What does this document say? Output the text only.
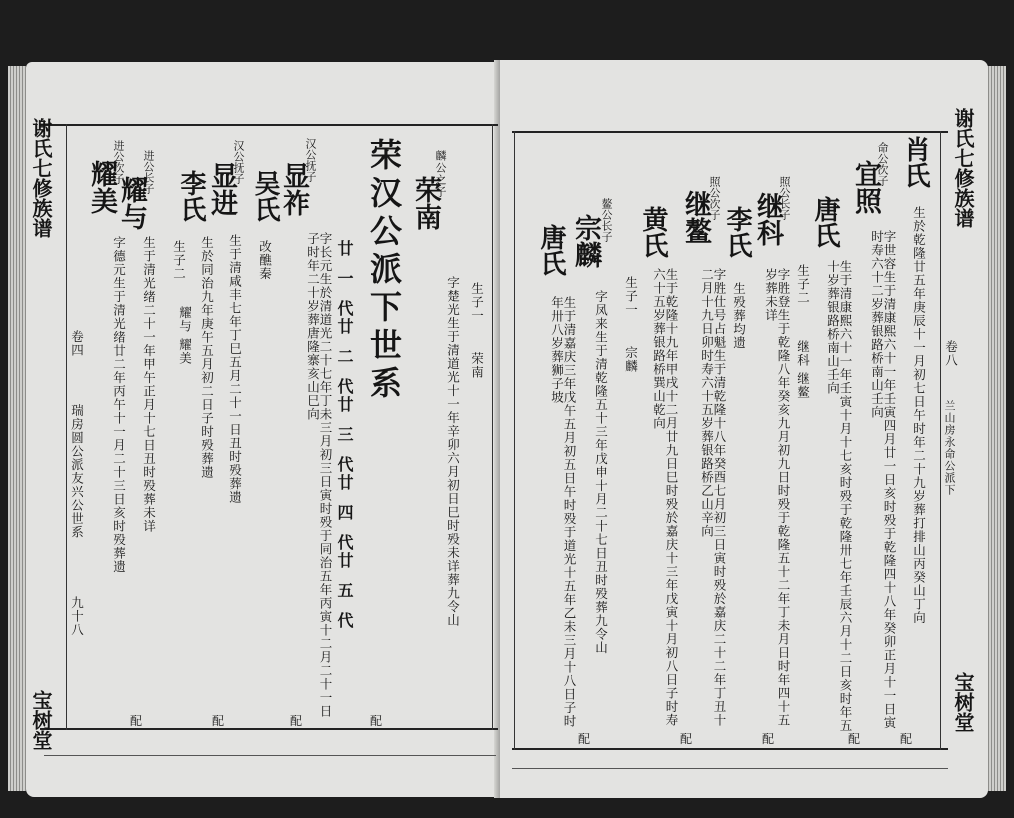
谢氏七修族谱
卷四
瑞房圆公派友兴公世系
九十八
宝树堂
生子一
荣南
字楚光生于清道光十一年辛卯六月初日巳时殁未详葬九令山
麟公之子
荣南
荣汉公派下世系
廿一代
廿二代
廿三代
廿四代
廿五代
汉公抚子
显祚
字长元生於清道光二十七年丁未三月初三日寅时殁于同治五年丙寅十二月二十一日子时年二十岁葬唐隆寨亥山巳向
吴氏
改醮秦
汉公抚子
显进
生于清咸丰七年丁巳五月二十一日丑时殁葬遗
李氏
生於同治九年庚午五月初二日子时殁葬遗
生子二
耀与 耀美
进公长子
耀与
生于清光绪二十一年甲午正月十七日丑时殁葬未详
进公次子
耀美
字德元生于清光绪廿二年丙午十一月二十三日亥时殁葬遗
配	配	配	配
谢氏七修族谱
卷八
兰山房永命公派下
宝树堂
肖氏
生於乾隆廿五年庚辰十一月初七日午时年二十九岁葬打排山丙癸山丁向
命公次子
宜照
字世容生于清康熙六十一年壬寅四月廿一日亥时殁于乾隆四十八年癸卯正月十一日寅时寿六十二岁葬银路桥南山壬向
唐氏
生于清康熙六十一年壬寅十月十七亥时殁于乾隆卅七年壬辰六月十二日亥时年五十岁葬银路桥南山壬向
生子二
继科 继鳌
照公长子
继科
字胜登生于乾隆八年癸亥九月初九日时殁于乾隆五十二年丁未月日时年四十五岁葬未详
李氏
生殁葬均遗
照公次子
继鳌
字胜仕号占魁生于清乾隆十八年癸酉七月初三日寅时殁於嘉庆二十二年丁丑十二月十九日卯时寿六十五岁葬银路桥乙山辛向
黄氏
生于乾隆十九年甲戌十二月廿九日巳时殁於嘉庆十三年戊寅十月初八日子时寿六十五岁葬银路桥巽山乾向
生子一
宗麟
鳌公长子
宗麟
字凤来生于清乾隆五十三年戊申十月二十七日丑时殁葬九令山
唐氏
生于清嘉庆三年戊午五月初五日午时殁于道光十五年乙未三月十八日子时年卅八岁葬狮子坡
配	配	配	配	配
